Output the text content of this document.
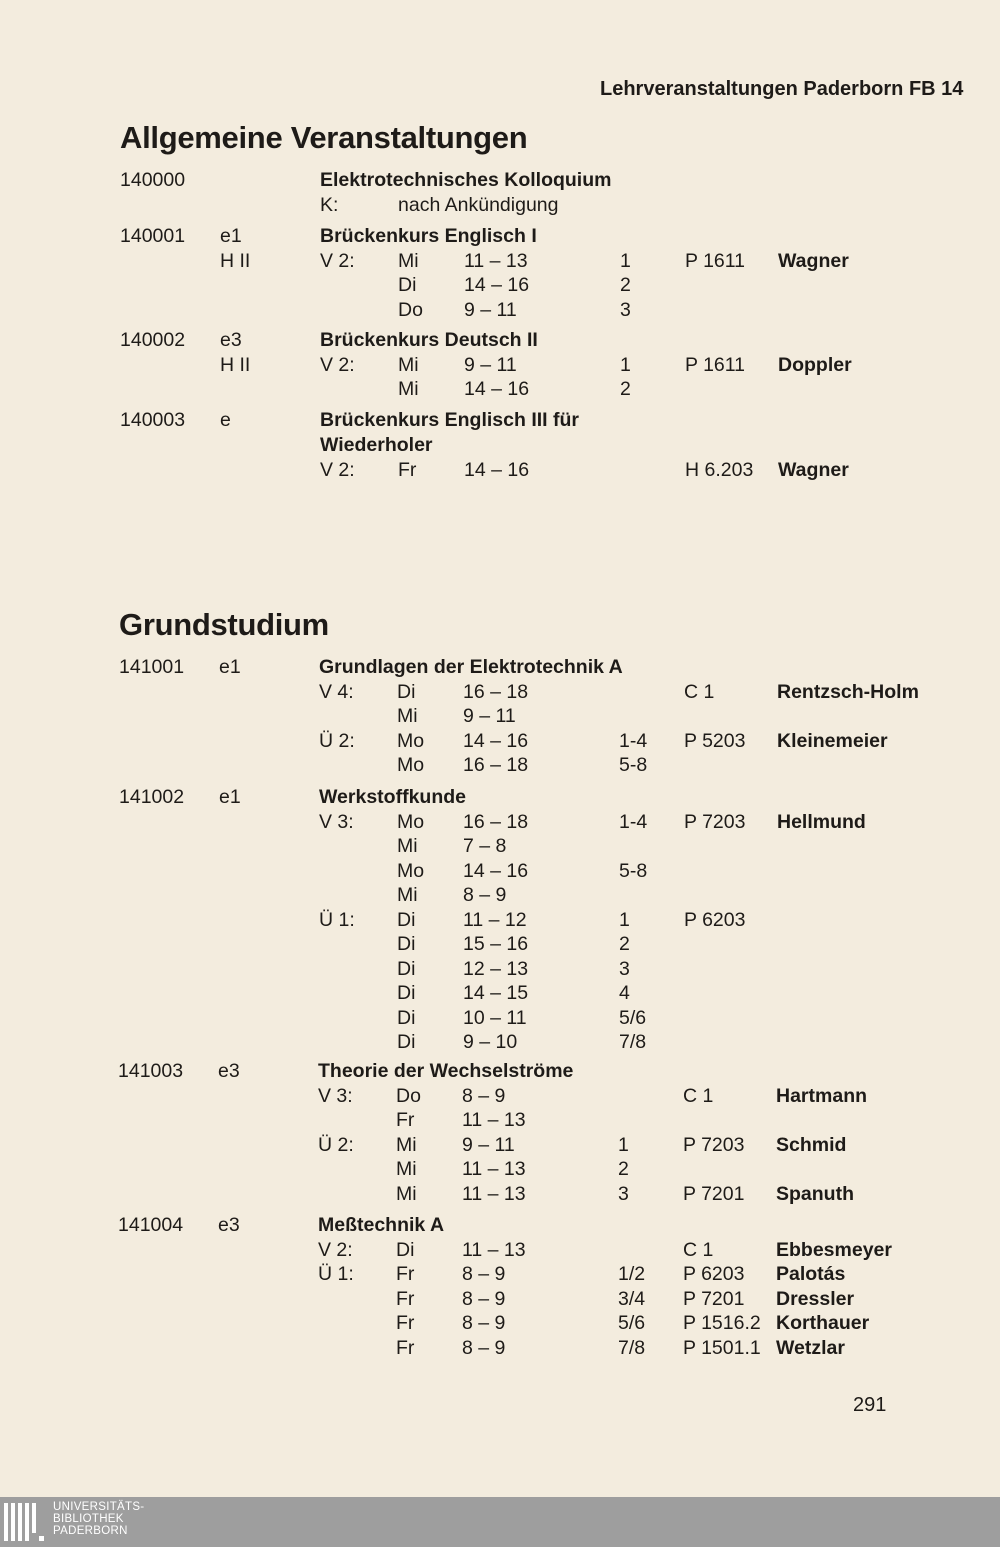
Lehrveranstaltungen Paderborn FB 14
Allgemeine Veranstaltungen
140000	Elektrotechnisches Kolloquium
K:	nach Ankündigung
140001 e1	Brückenkurs Englisch I
H II	V 2: Mi 11 – 13	1	P 1611 Wagner
Di 14 – 16	2
Do 9 – 11	3
140002 e3	Brückenkurs Deutsch II
H II	V 2: Mi 9 – 11	1	P 1611 Doppler
Mi 14 – 16	2
140003 e	Brückenkurs Englisch III für
Wiederholer
V 2: Fr 14 – 16	H 6.203 Wagner
Grundstudium
141001 e1	Grundlagen der Elektrotechnik A
V 4: Di 16 – 18	C 1	Rentzsch-Holm
Mi 9 – 11
Ü 2: Mo 14 – 16	1-4 P 5203 Kleinemeier
Mo 16 – 18	5-8
141002 e1	Werkstoffkunde
V 3: Mo 16 – 18	1-4 P 7203 Hellmund
Mi 7 – 8
Mo 14 – 16	5-8
Mi 8 – 9
Ü 1: Di 11 – 12	1	P 6203
Di 15 – 16	2
Di 12 – 13	3
Di 14 – 15	4
Di 10 – 11	5/6
Di 9 – 10	7/8
141003 e3	Theorie der Wechselströme
V 3: Do 8 – 9	C 1	Hartmann
Fr 11 – 13
Ü 2: Mi 9 – 11	1	P 7203 Schmid
Mi 11 – 13	2
Mi 11 – 13	3	P 7201 Spanuth
141004 e3	Meßtechnik A
V 2: Di 11 – 13	C 1	Ebbesmeyer
Ü 1: Fr 8 – 9	1/2 P 6203 Palotás
Fr 8 – 9	3/4 P 7201 Dressler
Fr 8 – 9	5/6 P 1516.2 Korthauer
Fr 8 – 9	7/8 P 1501.1 Wetzlar
291
UNIVERSITÄTS-
BIBLIOTHEK
PADERBORN
